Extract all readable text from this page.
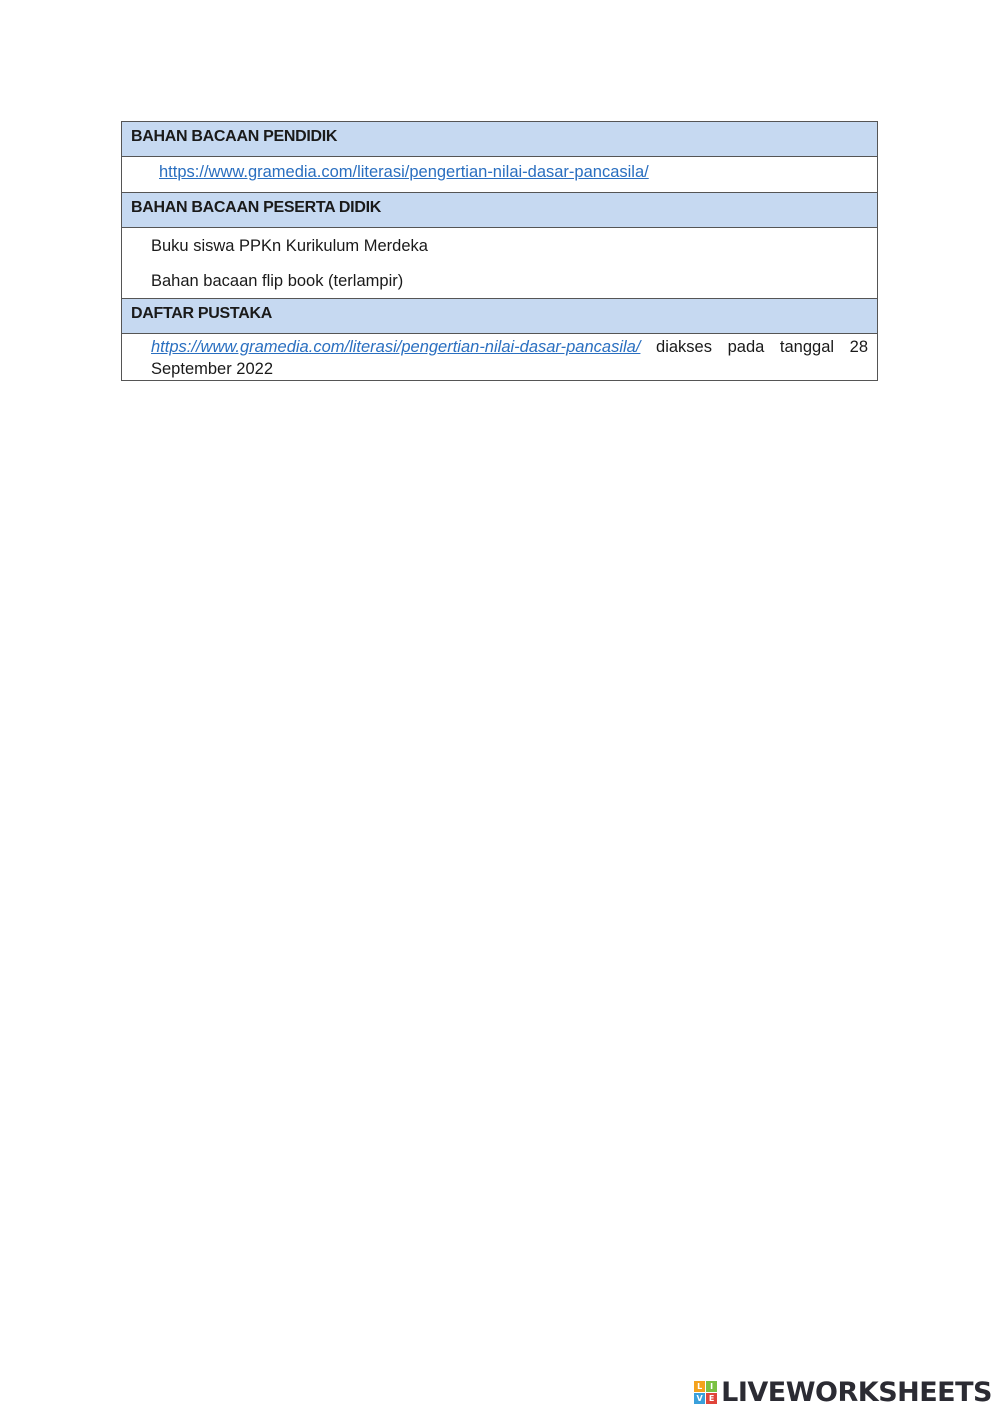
BAHAN BACAAN PENDIDIK
https://www.gramedia.com/literasi/pengertian-nilai-dasar-pancasila/
BAHAN BACAAN PESERTA DIDIK
Buku siswa PPKn Kurikulum Merdeka
Bahan bacaan flip book (terlampir)
DAFTAR PUSTAKA
https://www.gramedia.com/literasi/pengertian-nilai-dasar-pancasila/ diakses pada tanggal 28 September 2022
L I
V E LIVEWORKSHEETS
